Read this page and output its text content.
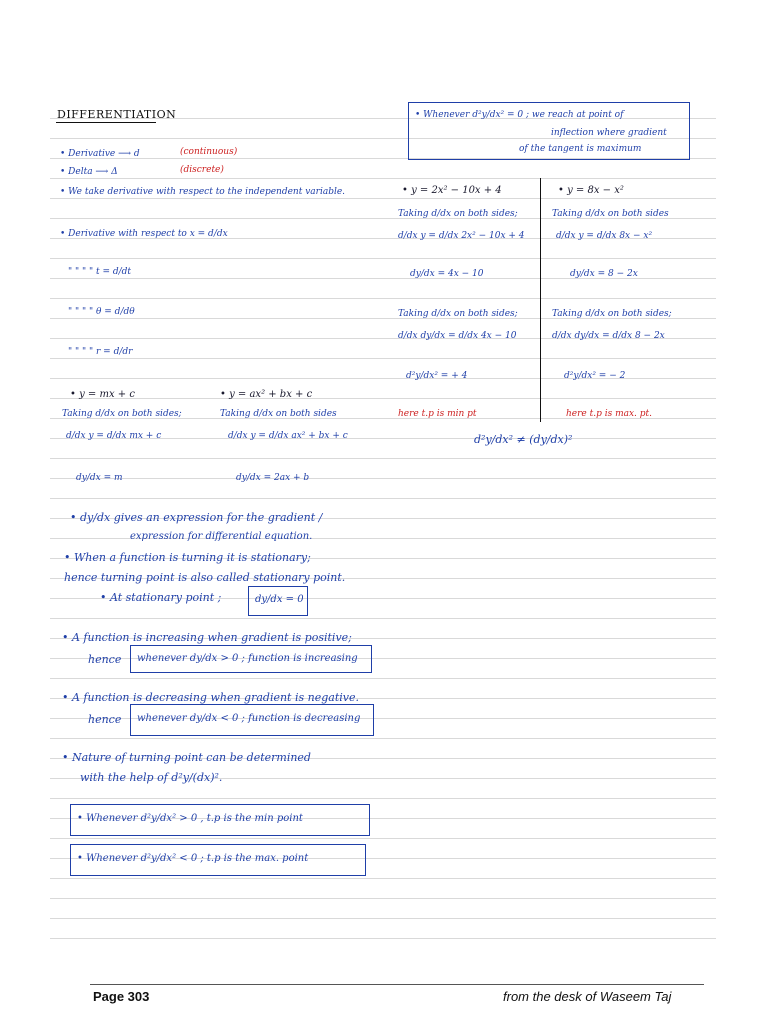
DIFFERENTIATION
• Derivative ⟶ d	(continuous)
• Delta ⟶ Δ	(discrete)
• We take derivative with respect to the independent variable.
• Derivative with respect to x = d/dx
" " " " t = d/dt
" " " " θ = d/dθ
" " " " r = d/dr
• y = mx + c
Taking d/dx on both sides;
d/dx y = d/dx mx + c
dy/dx = m
• y = ax² + bx + c
Taking d/dx on both sides
d/dx y = d/dx ax² + bx + c
dy/dx = 2ax + b
• dy/dx gives an expression for the gradient /
expression for differential equation.
• When a function is turning it is stationary;
hence turning point is also called stationary point.
• At stationary point ;	dy/dx = 0
• A function is increasing when gradient is positive;
hence whenever dy/dx > 0 ; function is increasing
• A function is decreasing when gradient is negative.
hence whenever dy/dx < 0 ; function is decreasing
• Nature of turning point can be determined
with the help of d²y/(dx)².
• Whenever d²y/dx² > 0 , t.p is the min point
• Whenever d²y/dx² < 0 ; t.p is the max. point
• Whenever d²y/dx² = 0 ; we reach at point of
inflection where gradient
of the tangent is maximum
• y = 2x² − 10x + 4
Taking d/dx on both sides;
d/dx y = d/dx 2x² − 10x + 4
dy/dx = 4x − 10
Taking d/dx on both sides;
d/dx dy/dx = d/dx 4x − 10
d²y/dx² = + 4
here t.p is min pt
• y = 8x − x²
Taking d/dx on both sides
d/dx y = d/dx 8x − x²
dy/dx = 8 − 2x
Taking d/dx on both sides;
d/dx dy/dx = d/dx 8 − 2x
d²y/dx² = − 2
here t.p is max. pt.
d²y/dx² ≠ (dy/dx)²
Page 303	from the desk of Waseem Taj
